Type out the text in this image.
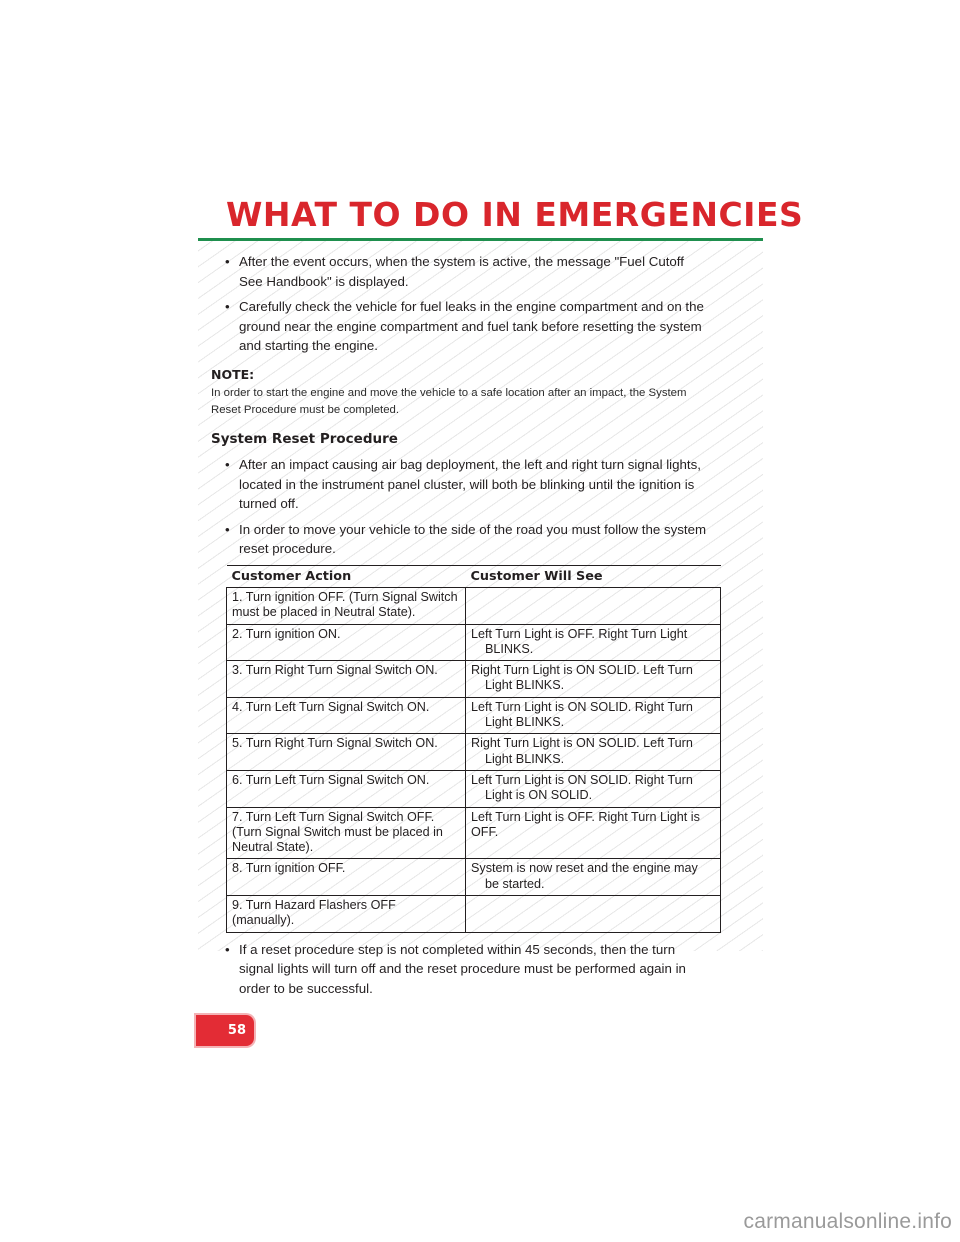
WHAT TO DO IN EMERGENCIES
• After the event occurs, when the system is active, the message "Fuel Cutoff See Handbook" is displayed.
• Carefully check the vehicle for fuel leaks in the engine compartment and on the ground near the engine compartment and fuel tank before resetting the system and starting the engine.
NOTE:

In order to start the engine and move the vehicle to a safe location after an impact, the System Reset Procedure must be completed.

System Reset Procedure
• After an impact causing air bag deployment, the left and right turn signal lights, located in the instrument panel cluster, will both be blinking until the ignition is turned off.
• In order to move your vehicle to the side of the road you must follow the system reset procedure.
Customer Action	Customer Will See
1. Turn ignition OFF. (Turn Signal Switch must be placed in Neutral State).	

2. Turn ignition ON.	Left Turn Light is OFF. Right Turn Light BLINKS.

3. Turn Right Turn Signal Switch ON.	Right Turn Light is ON SOLID. Left Turn Light BLINKS.

4. Turn Left Turn Signal Switch ON.	Left Turn Light is ON SOLID. Right Turn Light BLINKS.

5. Turn Right Turn Signal Switch ON.	Right Turn Light is ON SOLID. Left Turn Light BLINKS.

6. Turn Left Turn Signal Switch ON.	Left Turn Light is ON SOLID. Right Turn Light is ON SOLID.

7. Turn Left Turn Signal Switch OFF. (Turn Signal Switch must be placed in Neutral State).	Left Turn Light is OFF. Right Turn Light is OFF.
8. Turn ignition OFF.	System is now reset and the engine may be started.

9. Turn Hazard Flashers OFF (manually).	
• If a reset procedure step is not completed within 45 seconds, then the turn signal lights will turn off and the reset procedure must be performed again in order to be successful.
58
carmanualsonline.info
